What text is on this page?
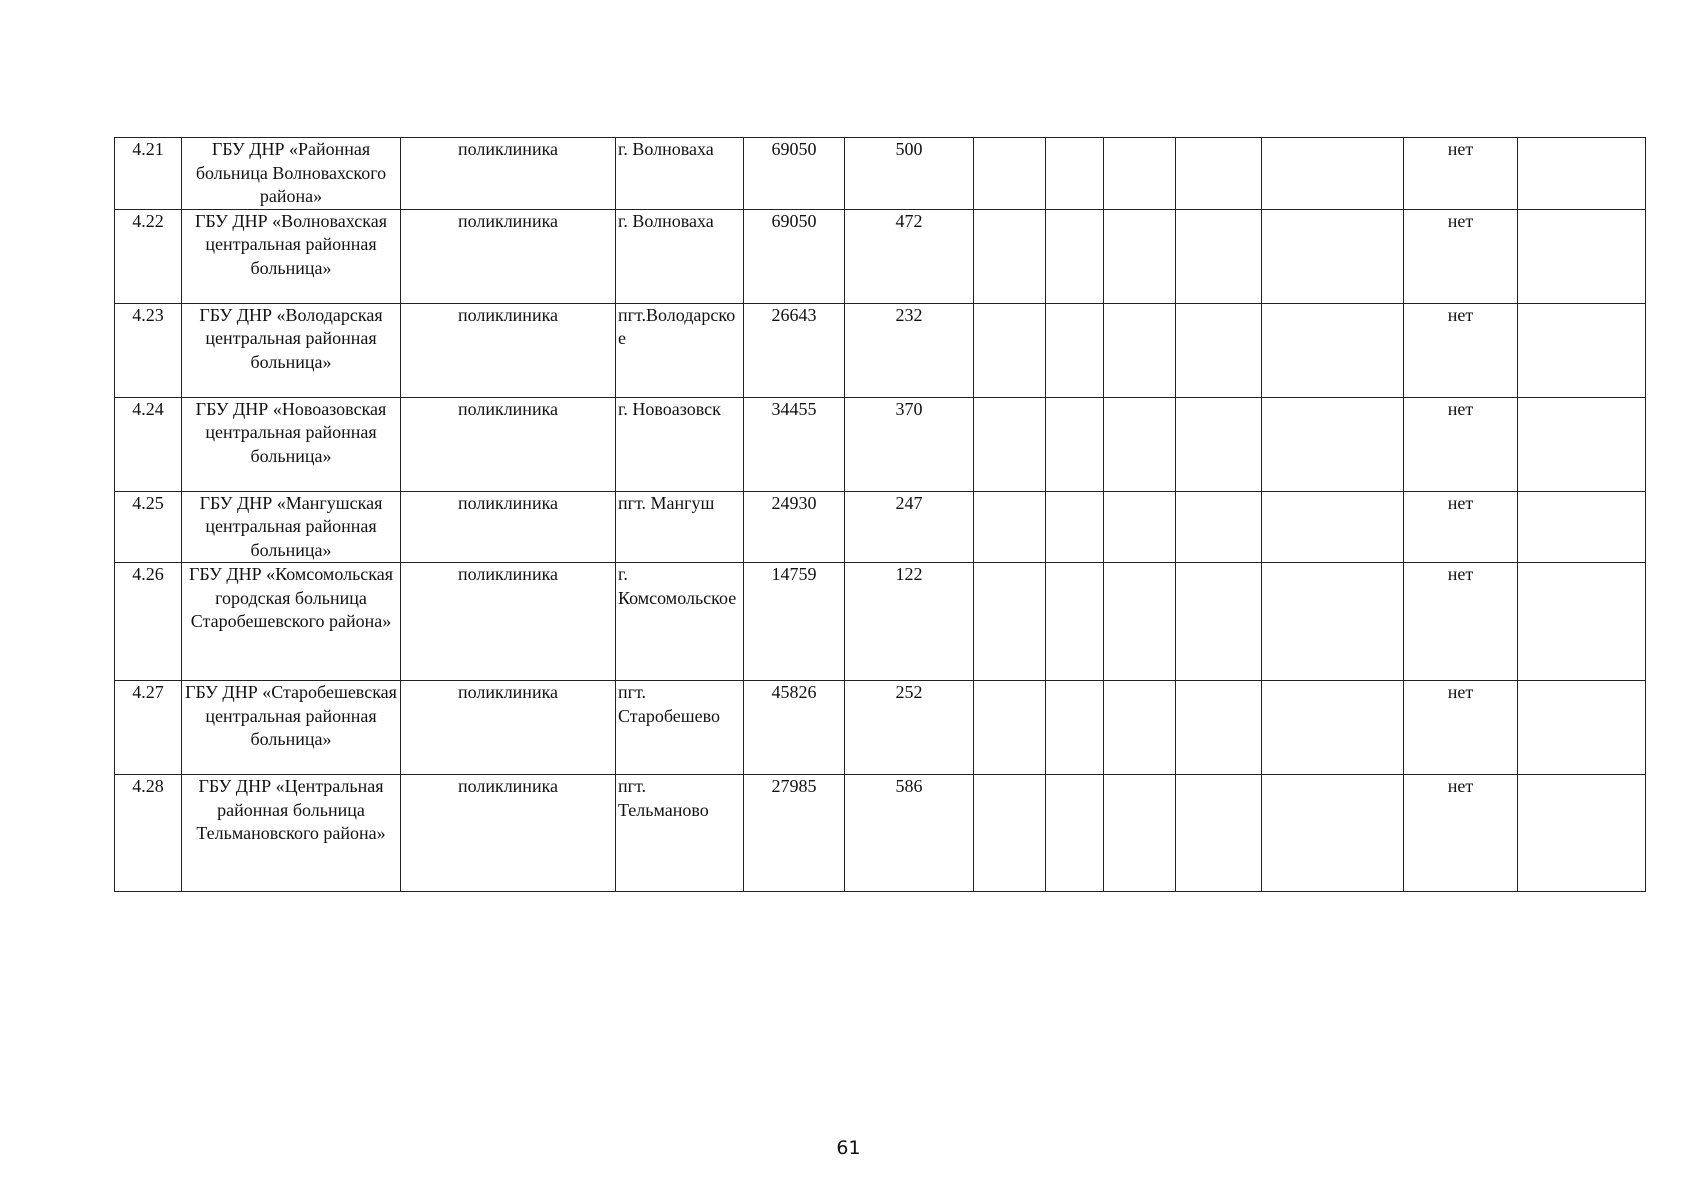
4.21	ГБУ ДНР «Районная больница Волновахского района»	поликлиника	г. Волноваха	69050	500						нет	
4.22	ГБУ ДНР «Волновахская центральная районная больница»	поликлиника	г. Волноваха	69050	472						нет	
4.23	ГБУ ДНР «Володарская центральная районная больница»	поликлиника	пгт.Володарское	26643	232						нет	
4.24	ГБУ ДНР «Новоазовская центральная районная больница»	поликлиника	г. Новоазовск	34455	370						нет	
4.25	ГБУ ДНР «Мангушская центральная районная больница»	поликлиника	пгт. Мангуш	24930	247						нет	
4.26	ГБУ ДНР «Комсомольская городская больница Старобешевского района»	поликлиника	г. Комсомольское	14759	122						нет	
4.27	ГБУ ДНР «Старобешевская центральная районная больница»	поликлиника	пгт. Старобешево	45826	252						нет	
4.28	ГБУ ДНР «Центральная районная больница Тельмановского района»	поликлиника	пгт. Тельманово	27985	586						нет	
61
